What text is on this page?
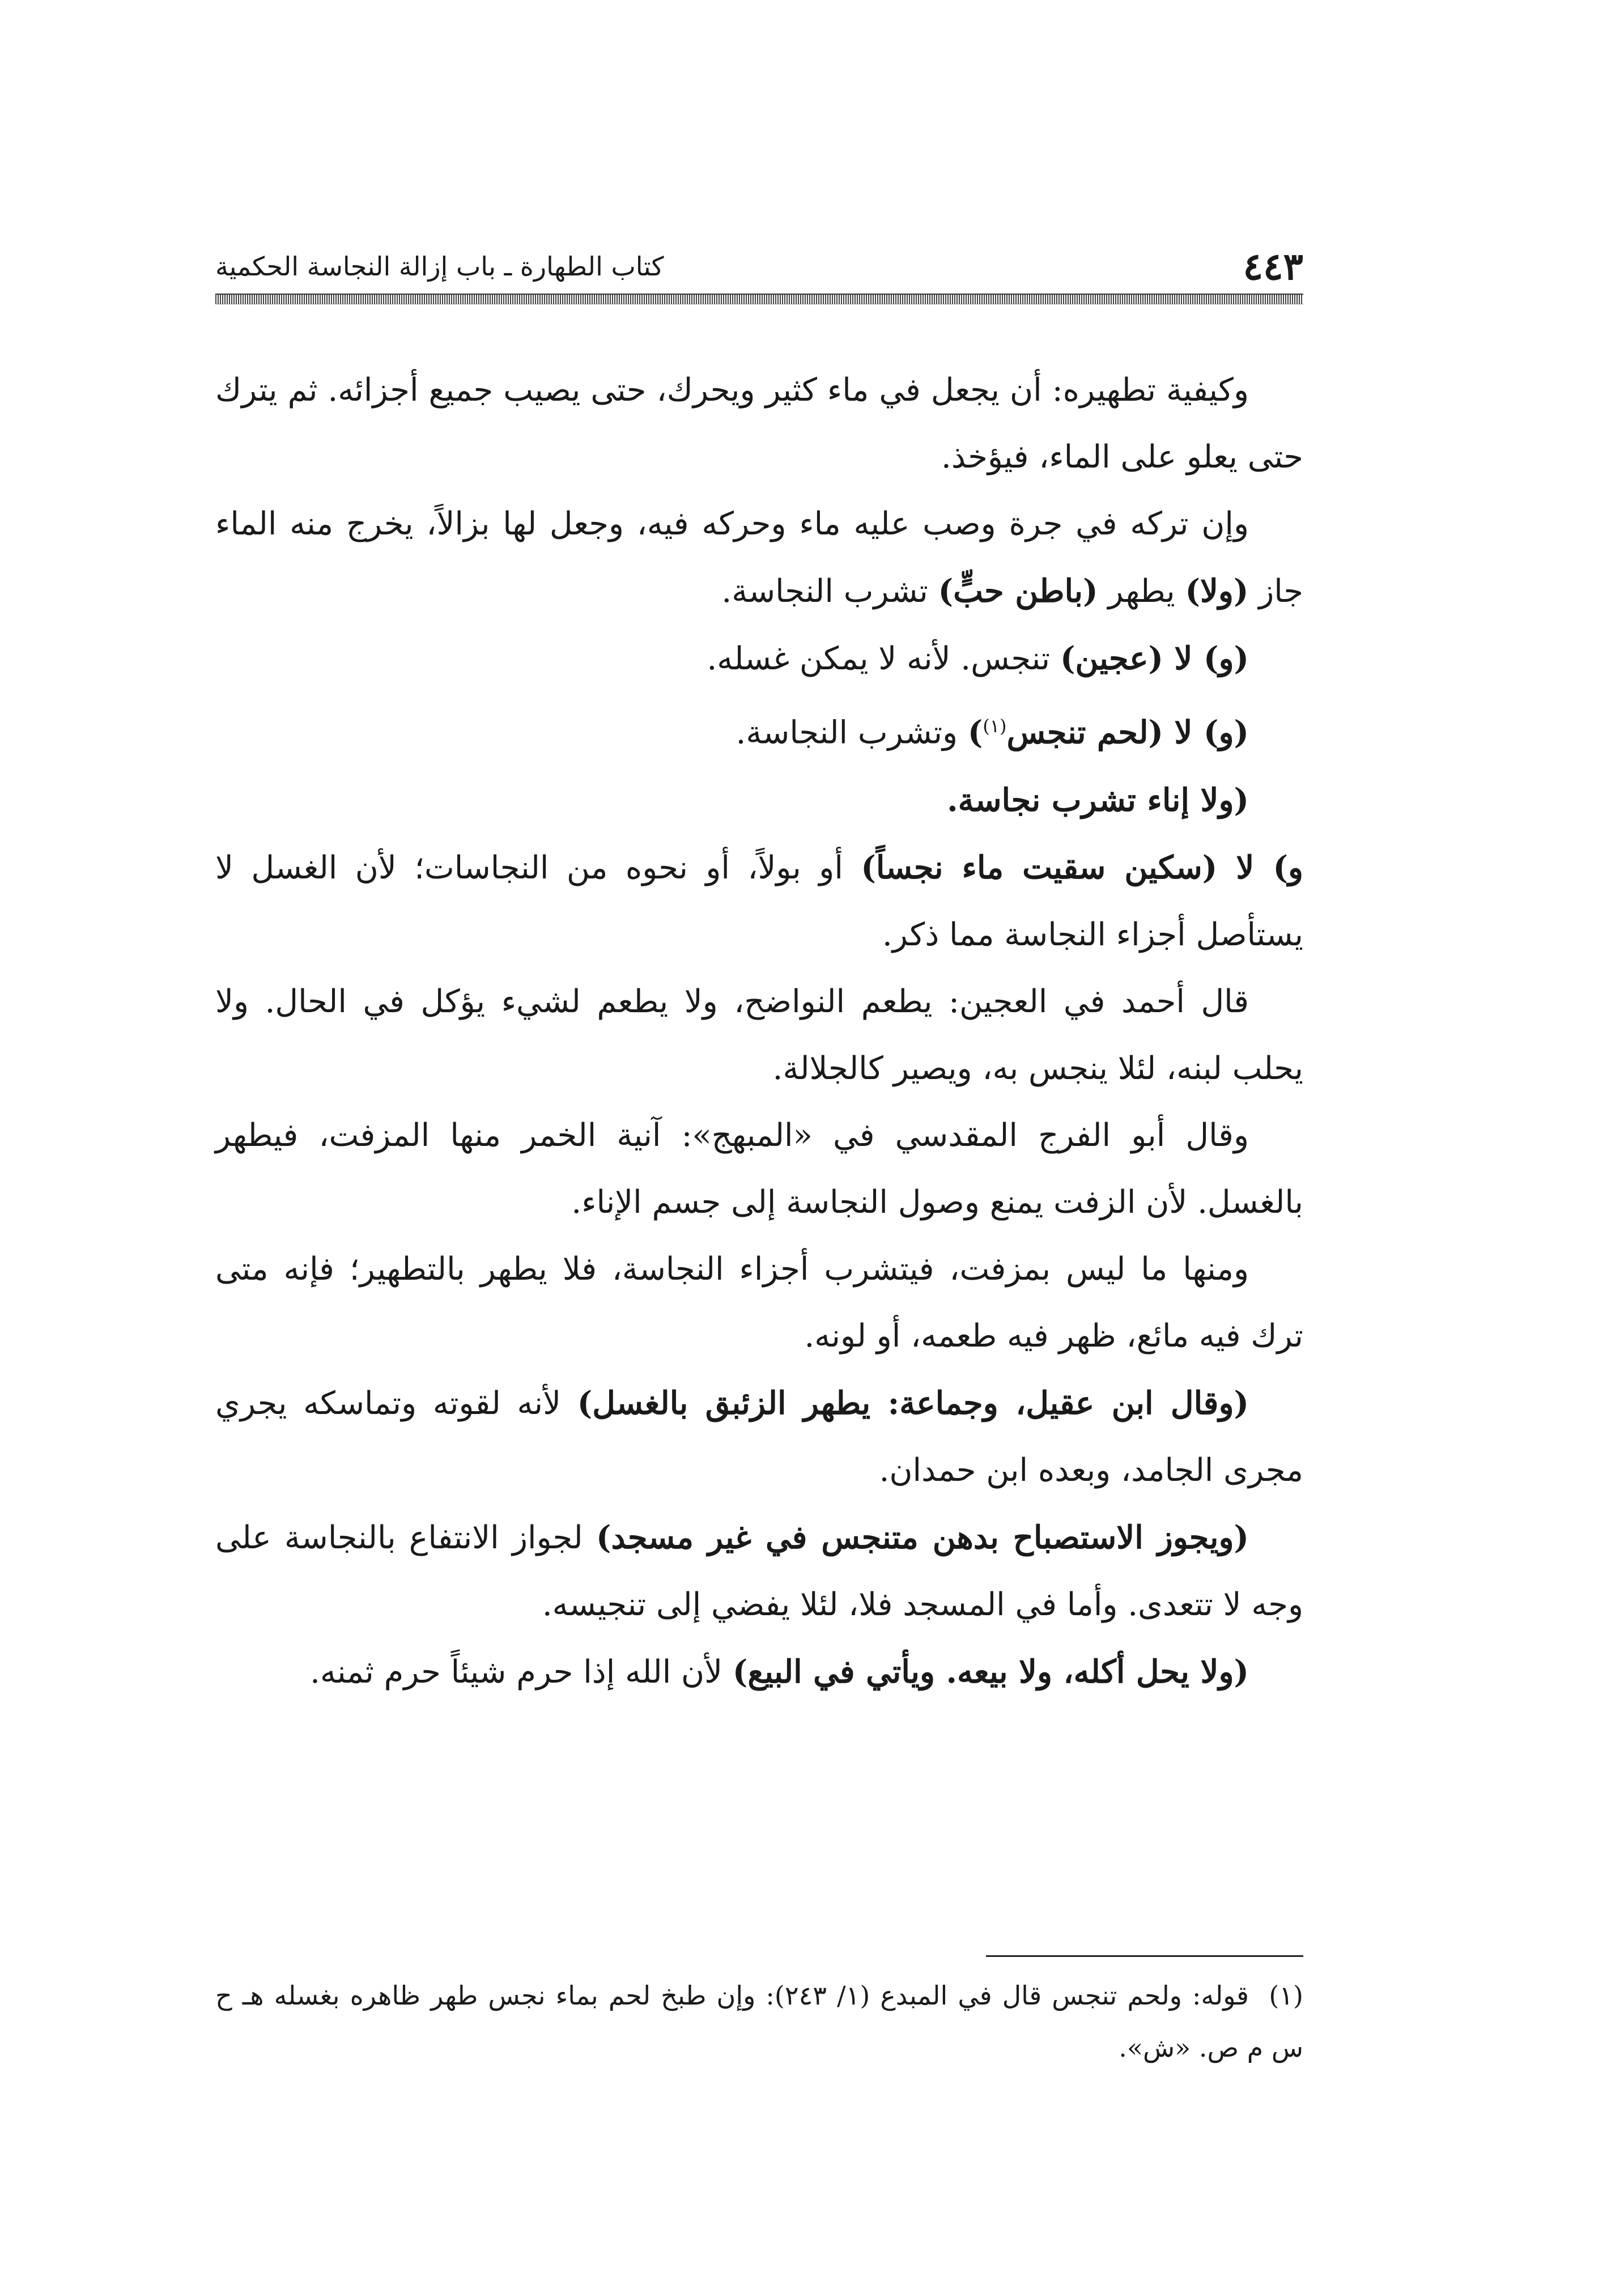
٤٤٣
كتاب الطهارة ـ باب إزالة النجاسة الحكمية

وكيفية تطهيره: أن يجعل في ماء كثير ويحرك، حتى يصيب جميع أجزائه. ثم يترك حتى يعلو على الماء، فيؤخذ.

وإن تركه في جرة وصب عليه ماء وحركه فيه، وجعل لها بزالاً، يخرج منه الماء جاز (ولا) يطهر (باطن حبٍّ) تشرب النجاسة.

(و) لا (عجين) تنجس. لأنه لا يمكن غسله.

(و) لا (لحم تنجس$^{(١)}$) وتشرب النجاسة.

(ولا إناء تشرب نجاسة.

و) لا (سكين سقيت ماء نجساً) أو بولاً، أو نحوه من النجاسات؛ لأن الغسل لا يستأصل أجزاء النجاسة مما ذكر.

قال أحمد في العجين: يطعم النواضح، ولا يطعم لشيء يؤكل في الحال. ولا يحلب لبنه، لئلا ينجس به، ويصير كالجلالة.

وقال أبو الفرج المقدسي في «المبهج»: آنية الخمر منها المزفت، فيطهر بالغسل. لأن الزفت يمنع وصول النجاسة إلى جسم الإناء.

ومنها ما ليس بمزفت، فيتشرب أجزاء النجاسة، فلا يطهر بالتطهير؛ فإنه متى ترك فيه مائع، ظهر فيه طعمه، أو لونه.

(وقال ابن عقيل، وجماعة: يطهر الزئبق بالغسل) لأنه لقوته وتماسكه يجري مجرى الجامد، وبعده ابن حمدان.

(ويجوز الاستصباح بدهن متنجس في غير مسجد) لجواز الانتفاع بالنجاسة على وجه لا تتعدى. وأما في المسجد فلا، لئلا يفضي إلى تنجيسه.

(ولا يحل أكله، ولا بيعه. ويأتي في البيع) لأن الله إذا حرم شيئاً حرم ثمنه.

(١)قوله: ولحم تنجس قال في المبدع (١/ ٢٤٣): وإن طبخ لحم بماء نجس طهر ظاهره بغسله هـ ح س م ص. «ش».
